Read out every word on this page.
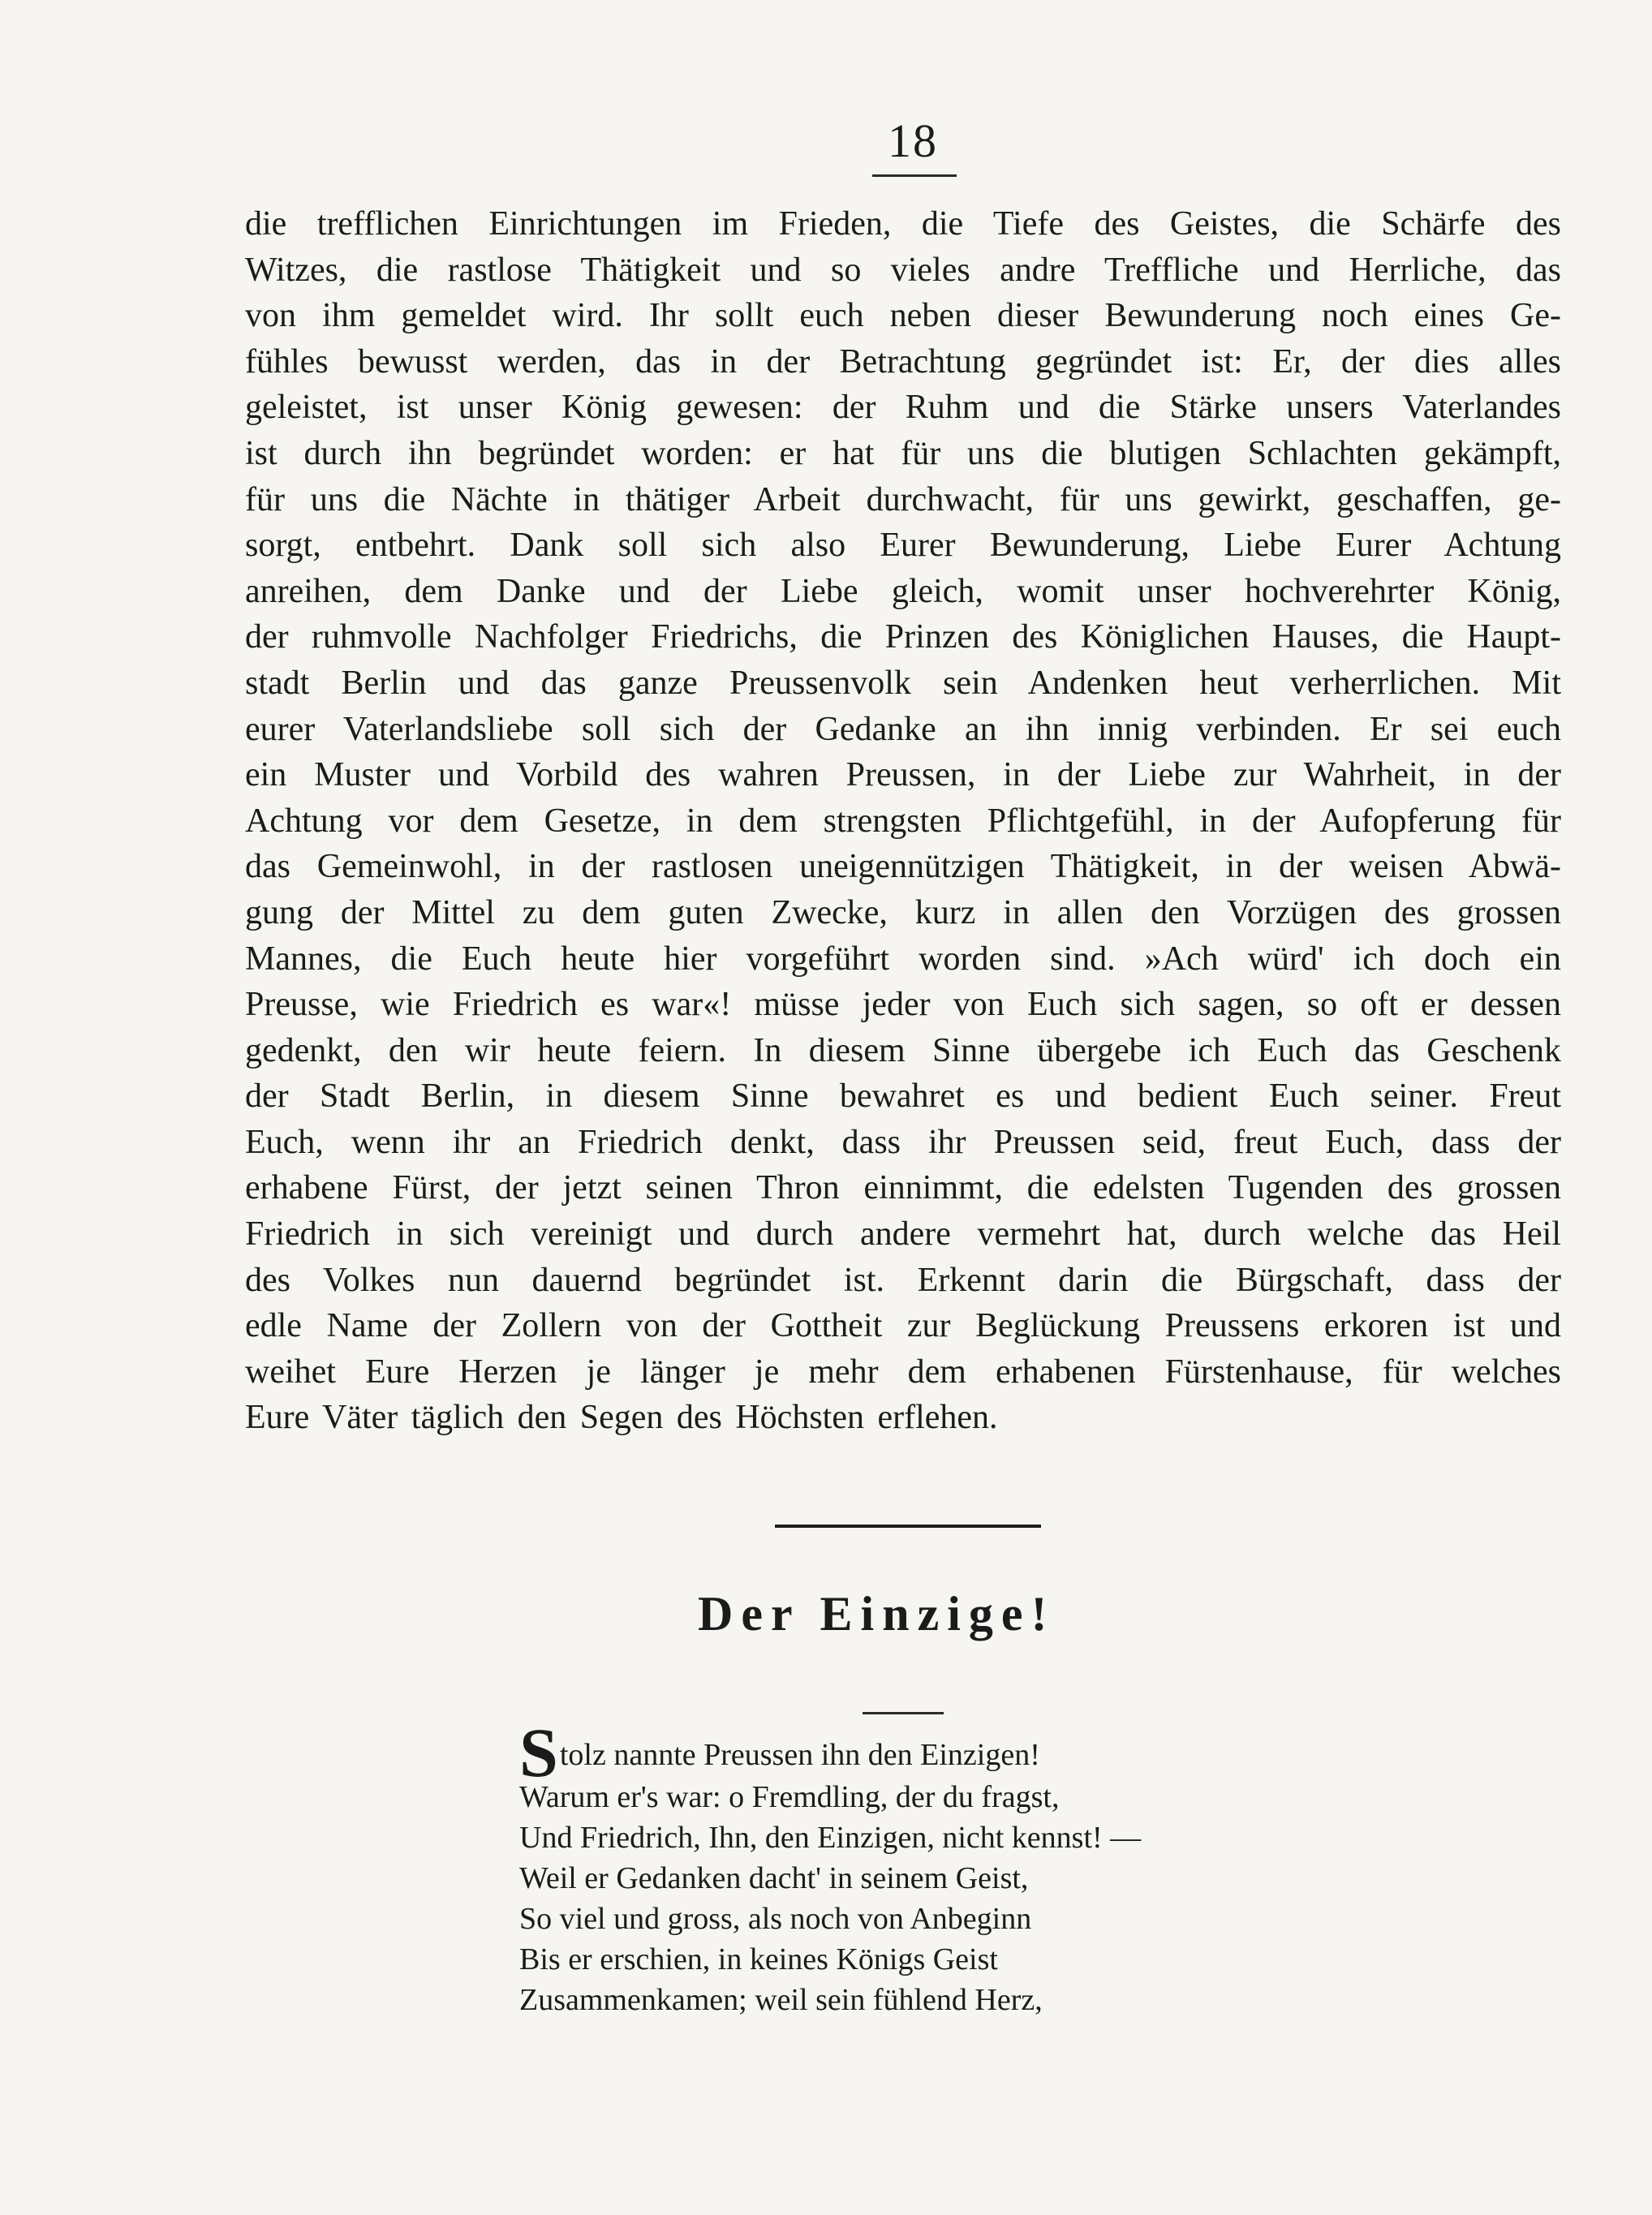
18
die trefflichen Einrichtungen im Frieden, die Tiefe des Geistes, die Schärfe des
Witzes, die rastlose Thätigkeit und so vieles andre Treffliche und Herrliche, das
von ihm gemeldet wird. Ihr sollt euch neben dieser Bewunderung noch eines Ge-
fühles bewusst werden, das in der Betrachtung gegründet ist: Er, der dies alles
geleistet, ist unser König gewesen: der Ruhm und die Stärke unsers Vaterlandes
ist durch ihn begründet worden: er hat für uns die blutigen Schlachten gekämpft,
für uns die Nächte in thätiger Arbeit durchwacht, für uns gewirkt, geschaffen, ge-
sorgt, entbehrt. Dank soll sich also Eurer Bewunderung, Liebe Eurer Achtung
anreihen, dem Danke und der Liebe gleich, womit unser hochverehrter König,
der ruhmvolle Nachfolger Friedrichs, die Prinzen des Königlichen Hauses, die Haupt-
stadt Berlin und das ganze Preussenvolk sein Andenken heut verherrlichen. Mit
eurer Vaterlandsliebe soll sich der Gedanke an ihn innig verbinden. Er sei euch
ein Muster und Vorbild des wahren Preussen, in der Liebe zur Wahrheit, in der
Achtung vor dem Gesetze, in dem strengsten Pflichtgefühl, in der Aufopferung für
das Gemeinwohl, in der rastlosen uneigennützigen Thätigkeit, in der weisen Abwä-
gung der Mittel zu dem guten Zwecke, kurz in allen den Vorzügen des grossen
Mannes, die Euch heute hier vorgeführt worden sind. »Ach würd' ich doch ein
Preusse, wie Friedrich es war«! müsse jeder von Euch sich sagen, so oft er dessen
gedenkt, den wir heute feiern. In diesem Sinne übergebe ich Euch das Geschenk
der Stadt Berlin, in diesem Sinne bewahret es und bedient Euch seiner. Freut
Euch, wenn ihr an Friedrich denkt, dass ihr Preussen seid, freut Euch, dass der
erhabene Fürst, der jetzt seinen Thron einnimmt, die edelsten Tugenden des grossen
Friedrich in sich vereinigt und durch andere vermehrt hat, durch welche das Heil
des Volkes nun dauernd begründet ist. Erkennt darin die Bürgschaft, dass der
edle Name der Zollern von der Gottheit zur Beglückung Preussens erkoren ist und
weihet Eure Herzen je länger je mehr dem erhabenen Fürstenhause, für welches
Eure Väter täglich den Segen des Höchsten erflehen.
Der Einzige!
Stolz nannte Preussen ihn den Einzigen!
Warum er's war: o Fremdling, der du fragst,
Und Friedrich, Ihn, den Einzigen, nicht kennst! —
Weil er Gedanken dacht' in seinem Geist,
So viel und gross, als noch von Anbeginn
Bis er erschien, in keines Königs Geist
Zusammenkamen; weil sein fühlend Herz,
